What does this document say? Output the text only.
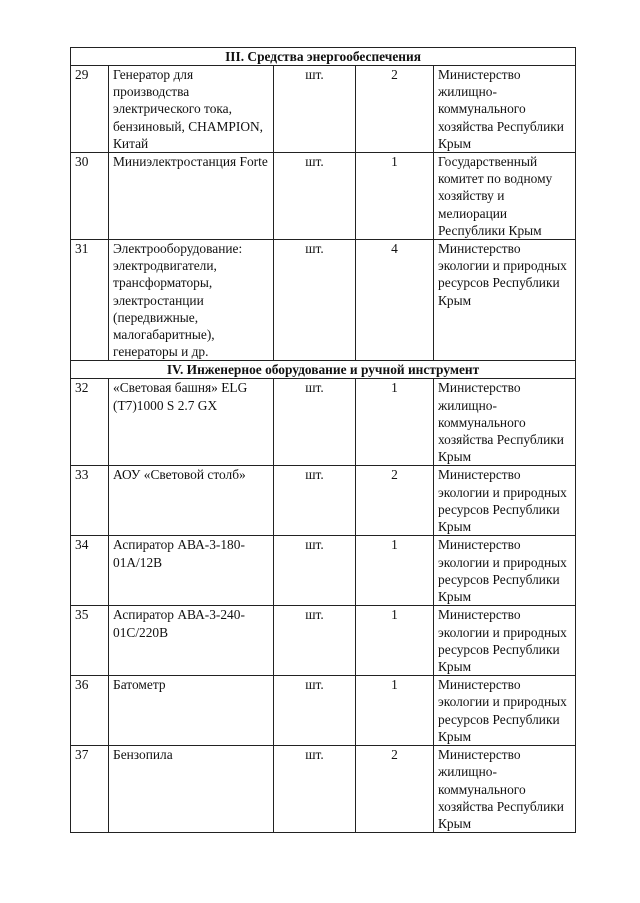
III. Средства энергообеспечения				
29	Генератор для производства электрического тока, бензиновый, CHAMPION, Китай	шт.	2	Министерство жилищно-коммунального хозяйства Республики Крым
30	Миниэлектростанция Forte	шт.	1	Государственный комитет по водному хозяйству и мелиорации Республики Крым
31	Электрооборудование: электродвигатели, трансформаторы, электростанции (передвижные, малогабаритные), генераторы и др.	шт.	4	Министерство экологии и природных ресурсов Республики Крым
IV. Инженерное оборудование и ручной инструмент				
32	«Световая башня» ELG (T7)1000 S 2.7 GX	шт.	1	Министерство жилищно-коммунального хозяйства Республики Крым
33	АОУ «Световой столб»	шт.	2	Министерство экологии и природных ресурсов Республики Крым
34	Аспиратор АВА-3-180-01А/12В	шт.	1	Министерство экологии и природных ресурсов Республики Крым
35	Аспиратор АВА-3-240-01С/220В	шт.	1	Министерство экологии и природных ресурсов Республики Крым
36	Батометр	шт.	1	Министерство экологии и природных ресурсов Республики Крым
37	Бензопила	шт.	2	Министерство жилищно-коммунального хозяйства Республики Крым
